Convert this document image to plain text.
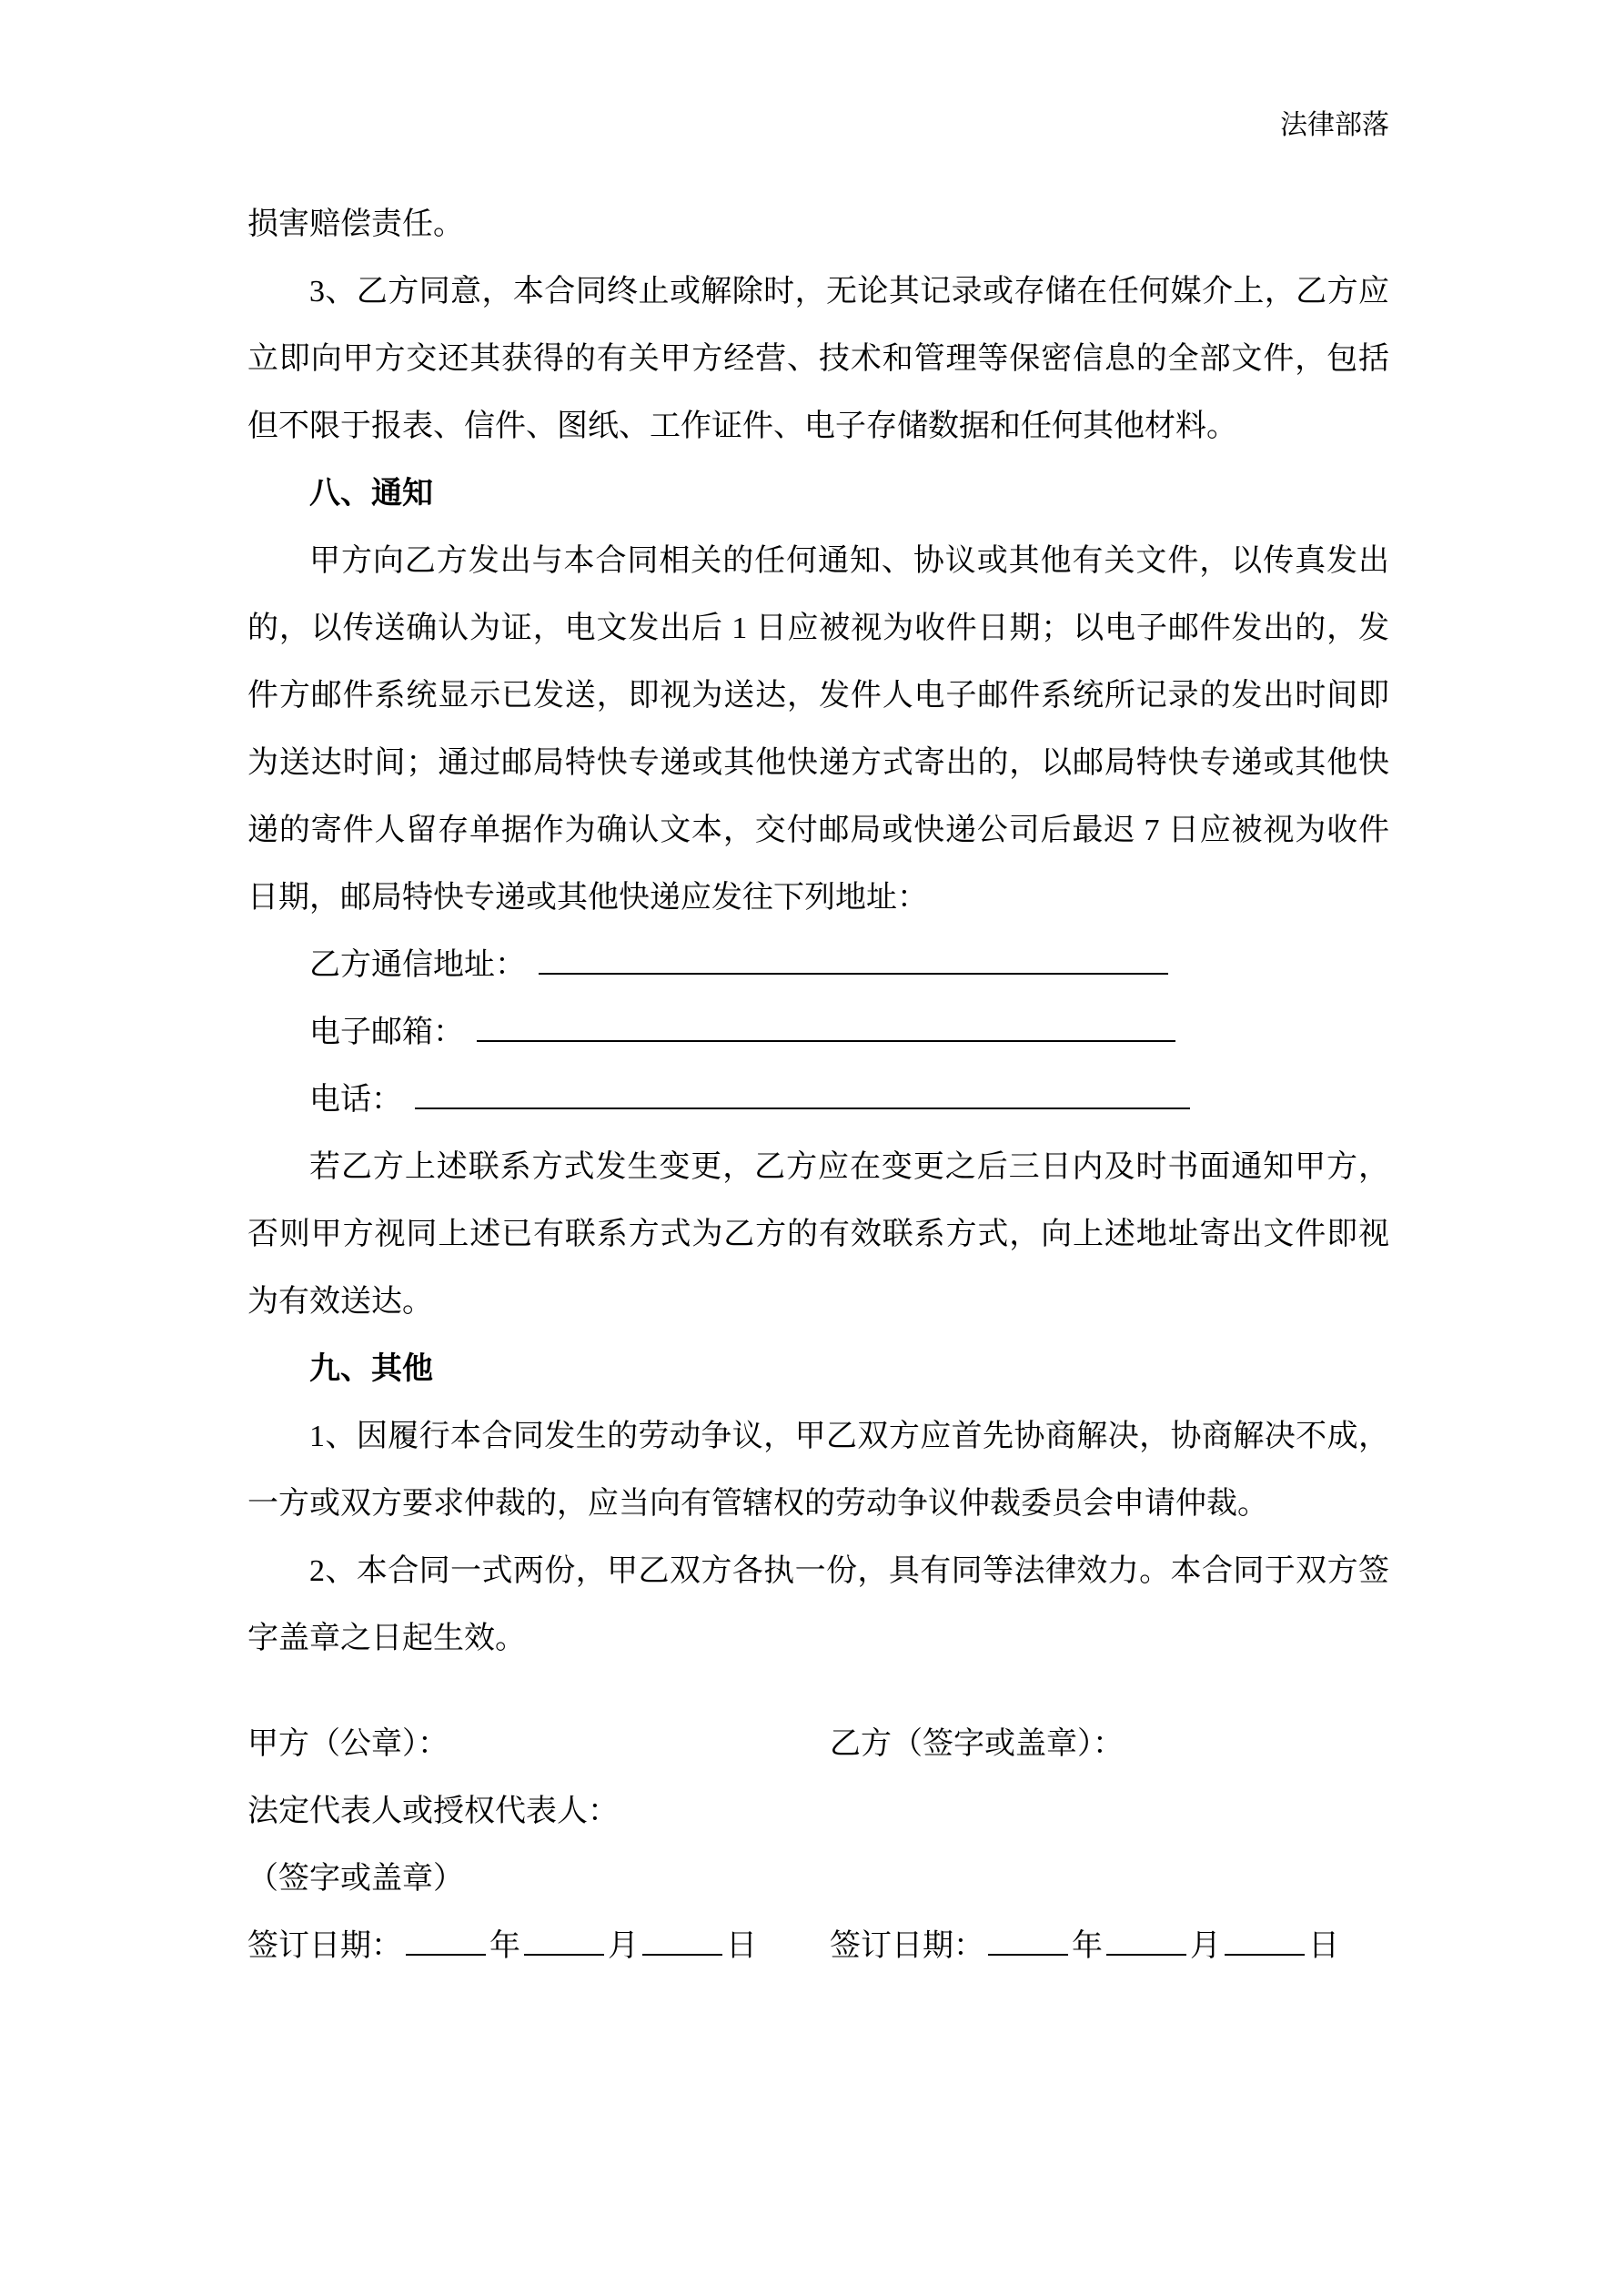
法律部落

损害赔偿责任。

3、乙方同意，本合同终止或解除时，无论其记录或存储在任何媒介上，乙方应立即向甲方交还其获得的有关甲方经营、技术和管理等保密信息的全部文件，包括但不限于报表、信件、图纸、工作证件、电子存储数据和任何其他材料。

八、通知

甲方向乙方发出与本合同相关的任何通知、协议或其他有关文件，以传真发出的，以传送确认为证，电文发出后 1 日应被视为收件日期；以电子邮件发出的，发件方邮件系统显示已发送，即视为送达，发件人电子邮件系统所记录的发出时间即为送达时间；通过邮局特快专递或其他快递方式寄出的，以邮局特快专递或其他快递的寄件人留存单据作为确认文本，交付邮局或快递公司后最迟 7 日应被视为收件日期，邮局特快专递或其他快递应发往下列地址：

乙方通信地址：
电子邮箱：
电话：

若乙方上述联系方式发生变更，乙方应在变更之后三日内及时书面通知甲方，否则甲方视同上述已有联系方式为乙方的有效联系方式，向上述地址寄出文件即视为有效送达。

九、其他

1、因履行本合同发生的劳动争议，甲乙双方应首先协商解决，协商解决不成，一方或双方要求仲裁的，应当向有管辖权的劳动争议仲裁委员会申请仲裁。

2、本合同一式两份，甲乙双方各执一份，具有同等法律效力。本合同于双方签字盖章之日起生效。

甲方（公章）：	乙方（签字或盖章）：
法定代表人或授权代表人：
（签字或盖章）
签订日期：	年	月	日	签订日期：	年	月	日
